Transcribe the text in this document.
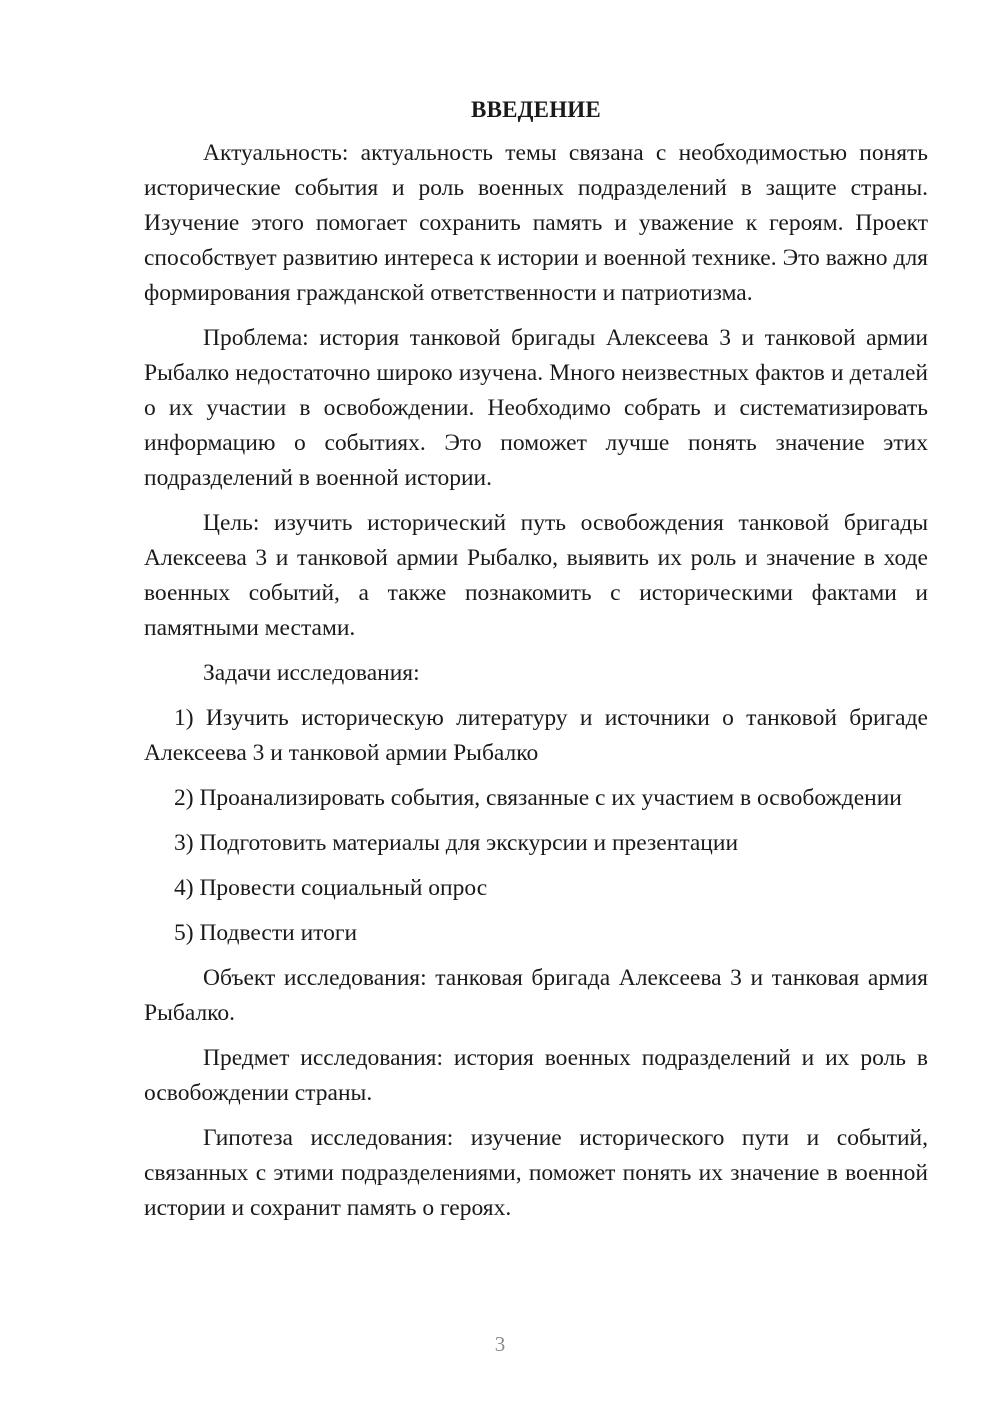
ВВЕДЕНИЕ

Актуальность: актуальность темы связана с необходимостью понять исторические события и роль военных подразделений в защите страны. Изучение этого помогает сохранить память и уважение к героям. Проект способствует развитию интереса к истории и военной технике. Это важно для формирования гражданской ответственности и патриотизма.

Проблема: история танковой бригады Алексеева 3 и танковой армии Рыбалко недостаточно широко изучена. Много неизвестных фактов и деталей о их участии в освобождении. Необходимо собрать и систематизировать информацию о событиях. Это поможет лучше понять значение этих подразделений в военной истории.

Цель: изучить исторический путь освобождения танковой бригады Алексеева 3 и танковой армии Рыбалко, выявить их роль и значение в ходе военных событий, а также познакомить с историческими фактами и памятными местами.

Задачи исследования:

1) Изучить историческую литературу и источники о танковой бригаде Алексеева 3 и танковой армии Рыбалко

2) Проанализировать события, связанные с их участием в освобождении

3) Подготовить материалы для экскурсии и презентации

4) Провести социальный опрос

5) Подвести итоги

Объект исследования: танковая бригада Алексеева 3 и танковая армия Рыбалко.

Предмет исследования: история военных подразделений и их роль в освобождении страны.

Гипотеза исследования: изучение исторического пути и событий, связанных с этими подразделениями, поможет понять их значение в военной истории и сохранит память о героях.

3
